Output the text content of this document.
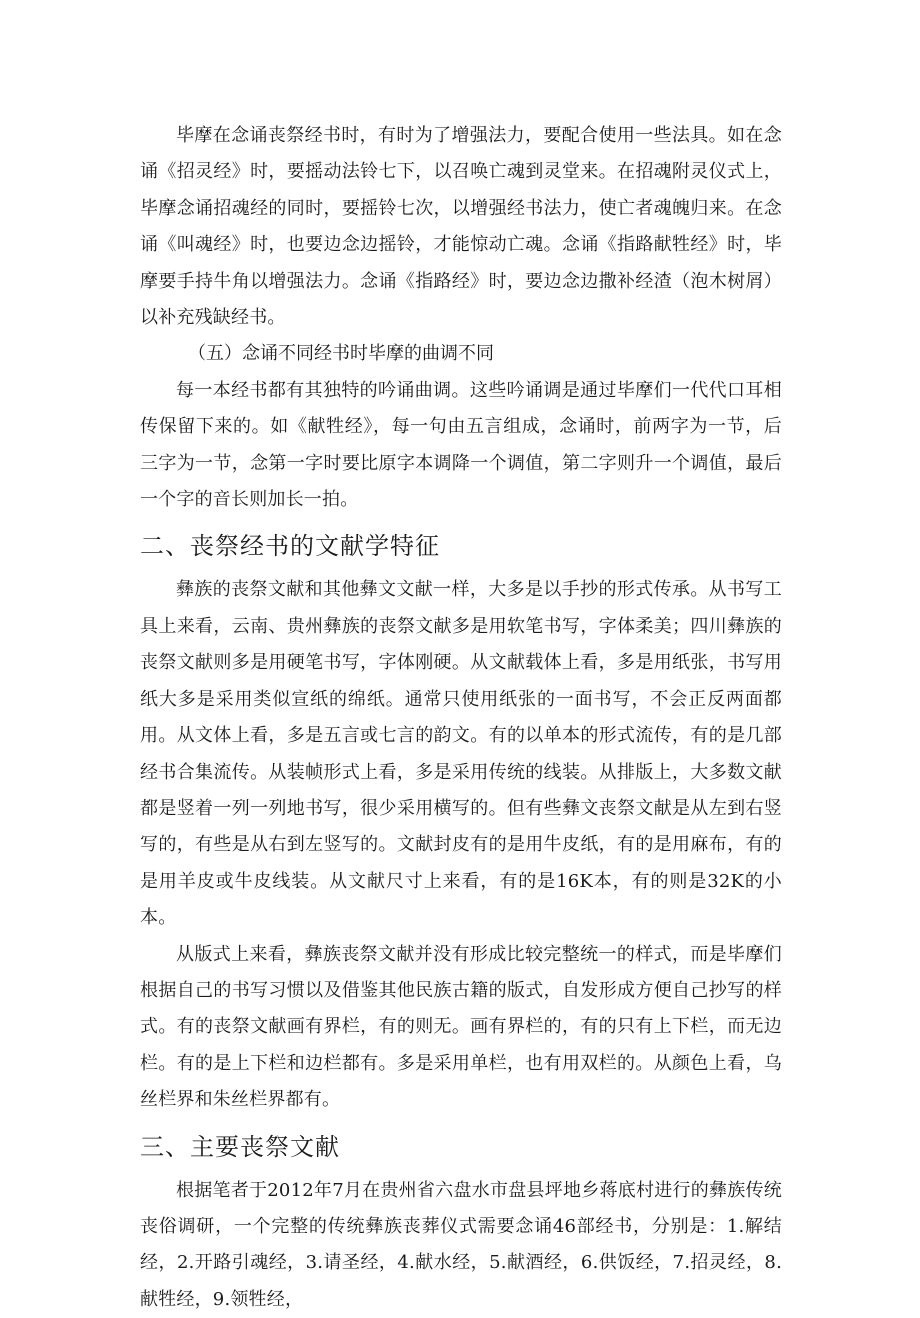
毕摩在念诵丧祭经书时，有时为了增强法力，要配合使用一些法具。如在念诵《招灵经》时，要摇动法铃七下，以召唤亡魂到灵堂来。在招魂附灵仪式上，毕摩念诵招魂经的同时，要摇铃七次，以增强经书法力，使亡者魂魄归来。在念诵《叫魂经》时，也要边念边摇铃，才能惊动亡魂。念诵《指路献牲经》时，毕摩要手持牛角以增强法力。念诵《指路经》时，要边念边撒补经渣（泡木树屑）以补充残缺经书。

（五）念诵不同经书时毕摩的曲调不同

每一本经书都有其独特的吟诵曲调。这些吟诵调是通过毕摩们一代代口耳相传保留下来的。如《献牲经》，每一句由五言组成，念诵时，前两字为一节，后三字为一节，念第一字时要比原字本调降一个调值，第二字则升一个调值，最后一个字的音长则加长一拍。

二、丧祭经书的文献学特征

彝族的丧祭文献和其他彝文文献一样，大多是以手抄的形式传承。从书写工具上来看，云南、贵州彝族的丧祭文献多是用软笔书写，字体柔美；四川彝族的丧祭文献则多是用硬笔书写，字体刚硬。从文献载体上看，多是用纸张，书写用纸大多是采用类似宣纸的绵纸。通常只使用纸张的一面书写，不会正反两面都用。从文体上看，多是五言或七言的韵文。有的以单本的形式流传，有的是几部经书合集流传。从装帧形式上看，多是采用传统的线装。从排版上，大多数文献都是竖着一列一列地书写，很少采用横写的。但有些彝文丧祭文献是从左到右竖写的，有些是从右到左竖写的。文献封皮有的是用牛皮纸，有的是用麻布，有的是用羊皮或牛皮线装。从文献尺寸上来看，有的是16K本，有的则是32K的小本。

从版式上来看，彝族丧祭文献并没有形成比较完整统一的样式，而是毕摩们根据自己的书写习惯以及借鉴其他民族古籍的版式，自发形成方便自己抄写的样式。有的丧祭文献画有界栏，有的则无。画有界栏的，有的只有上下栏，而无边栏。有的是上下栏和边栏都有。多是采用单栏，也有用双栏的。从颜色上看，乌丝栏界和朱丝栏界都有。

三、主要丧祭文献

根据笔者于2012年7月在贵州省六盘水市盘县坪地乡蒋底村进行的彝族传统丧俗调研，一个完整的传统彝族丧葬仪式需要念诵46部经书，分别是：1.解结经，2.开路引魂经，3.请圣经，4.献水经，5.献酒经，6.供饭经，7.招灵经，8.献牲经，9.领牲经，
